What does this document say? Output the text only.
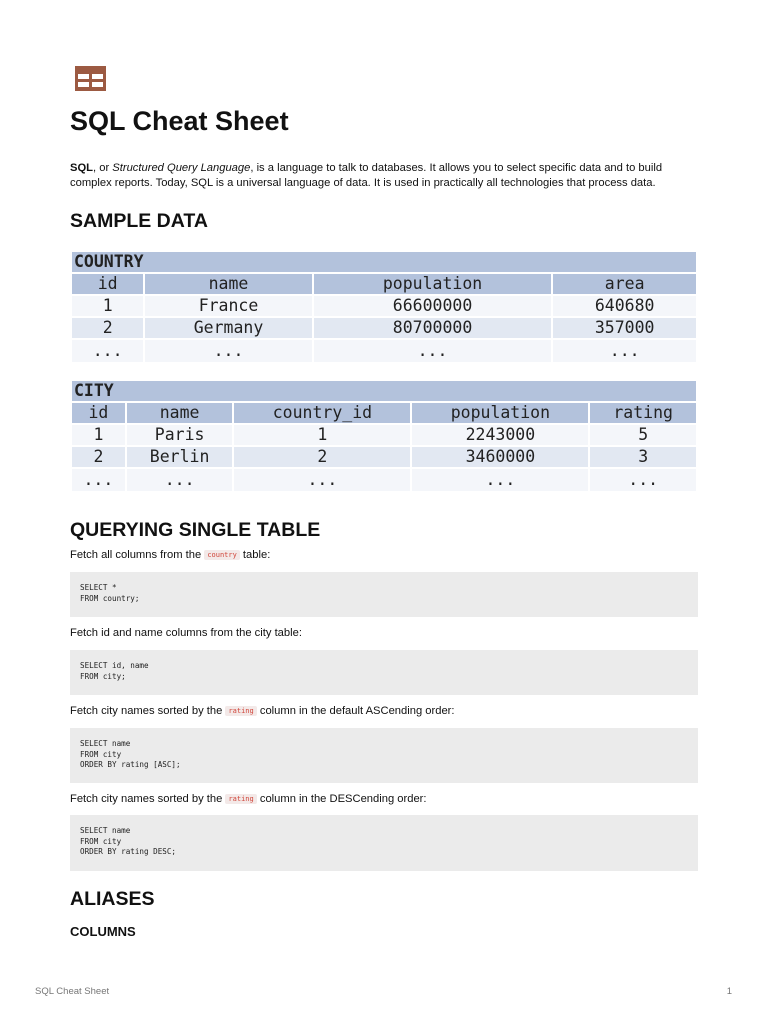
SQL Cheat Sheet

SQL, or Structured Query Language, is a language to talk to databases. It allows you to select specific data and to build complex reports. Today, SQL is a universal language of data. It is used in practically all technologies that process data.

SAMPLE DATA
COUNTRY			
id	name	population	area
1	France	66600000	640680
2	Germany	80700000	357000
...	...	...	...
CITY				
id	name	country_id	population	rating
1	Paris	1	2243000	5
2	Berlin	2	3460000	3
...	...	...	...	...
QUERYING SINGLE TABLE

Fetch all columns from the country table:

SELECT *
FROM country;

Fetch id and name columns from the city table:

SELECT id, name
FROM city;

Fetch city names sorted by the rating column in the default ASCending order:

SELECT name
FROM city
ORDER BY rating [ASC];

Fetch city names sorted by the rating column in the DESCending order:

SELECT name
FROM city
ORDER BY rating DESC;
ALIASES
COLUMNS
SQL Cheat Sheet	1
